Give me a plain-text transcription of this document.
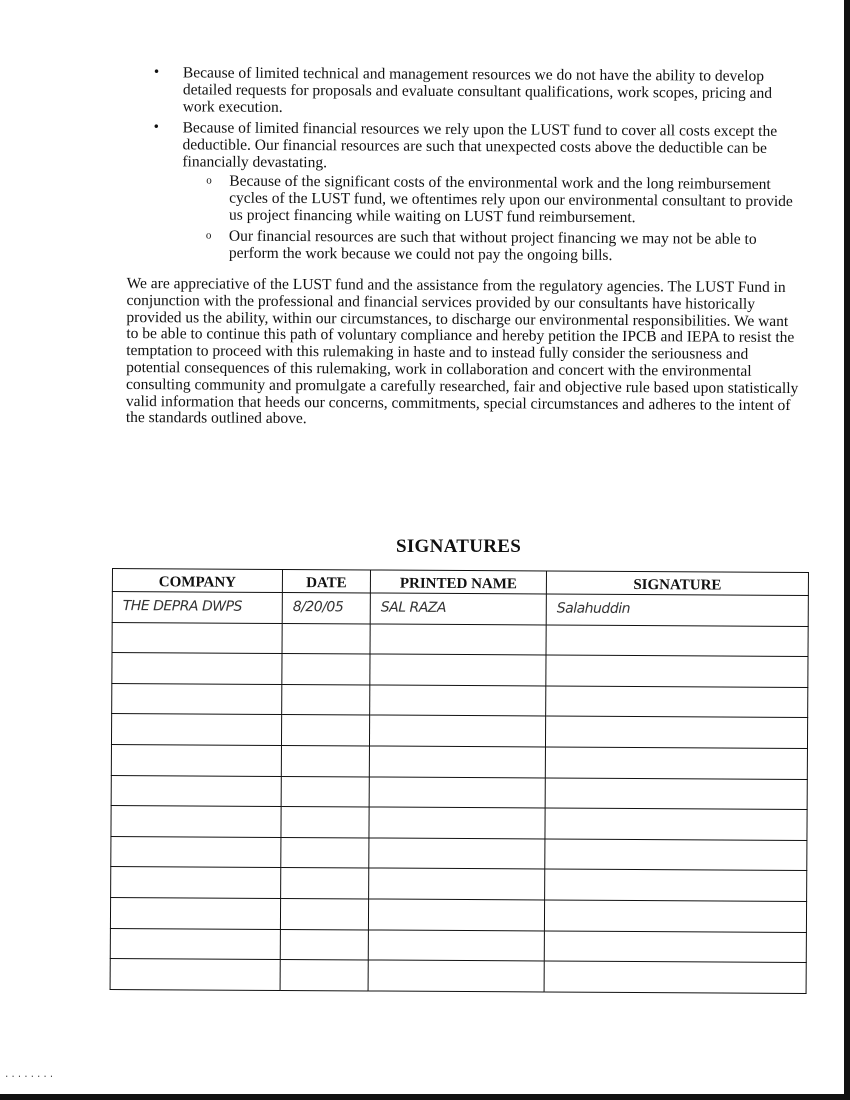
• Because of limited technical and management resources we do not have the ability to develop detailed requests for proposals and evaluate consultant qualifications, work scopes, pricing and work execution.
• Because of limited financial resources we rely upon the LUST fund to cover all costs except the deductible. Our financial resources are such that unexpected costs above the deductible can be financially devastating.
o Because of the significant costs of the environmental work and the long reimbursement cycles of the LUST fund, we oftentimes rely upon our environmental consultant to provide us project financing while waiting on LUST fund reimbursement.
o Our financial resources are such that without project financing we may not be able to perform the work because we could not pay the ongoing bills.

We are appreciative of the LUST fund and the assistance from the regulatory agencies. The LUST Fund in conjunction with the professional and financial services provided by our consultants have historically provided us the ability, within our circumstances, to discharge our environmental responsibilities. We want to be able to continue this path of voluntary compliance and hereby petition the IPCB and IEPA to resist the temptation to proceed with this rulemaking in haste and to instead fully consider the seriousness and potential consequences of this rulemaking, work in collaboration and concert with the environmental consulting community and promulgate a carefully researched, fair and objective rule based upon statistically valid information that heeds our concerns, commitments, special circumstances and adheres to the intent of the standards outlined above.

SIGNATURES
COMPANY	DATE	PRINTED NAME	SIGNATURE
THE DEPRA DWPS	8/20/05	SAL RAZA	Salahuddin

........
